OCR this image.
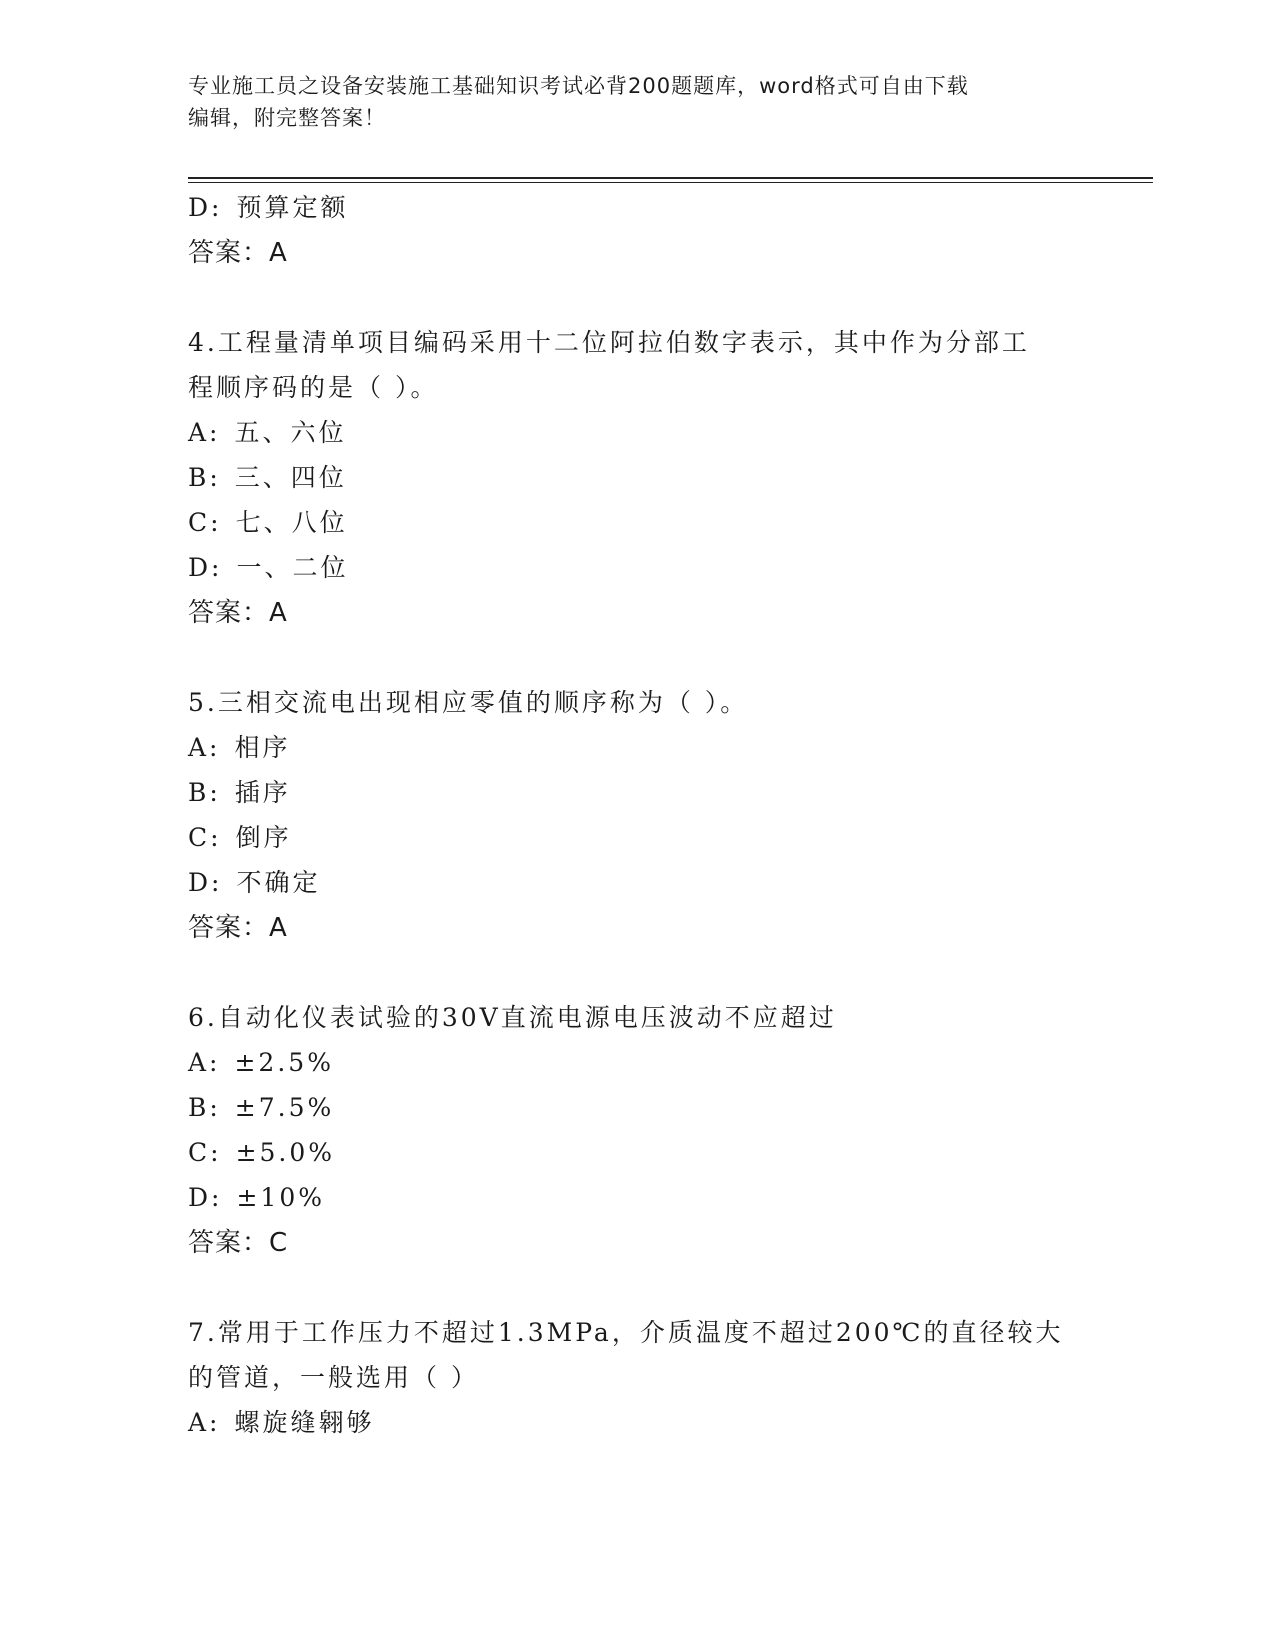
专业施工员之设备安装施工基础知识考试必背200题题库，word格式可自由下载
编辑，附完整答案！
D: 预算定额
答案：A
4.工程量清单项目编码采用十二位阿拉伯数字表示，其中作为分部工
程顺序码的是（ ）。
A: 五、六位
B: 三、四位
C: 七、八位
D: 一、二位
答案：A
5.三相交流电出现相应零值的顺序称为（ ）。
A: 相序
B: 插序
C: 倒序
D: 不确定
答案：A
6.自动化仪表试验的30V直流电源电压波动不应超过
A: ±2.5%
B: ±7.5%
C: ±5.0%
D: ±10%
答案：C
7.常用于工作压力不超过1.3MPa，介质温度不超过200℃的直径较大
的管道，一般选用（ ）
A: 螺旋缝翱够
